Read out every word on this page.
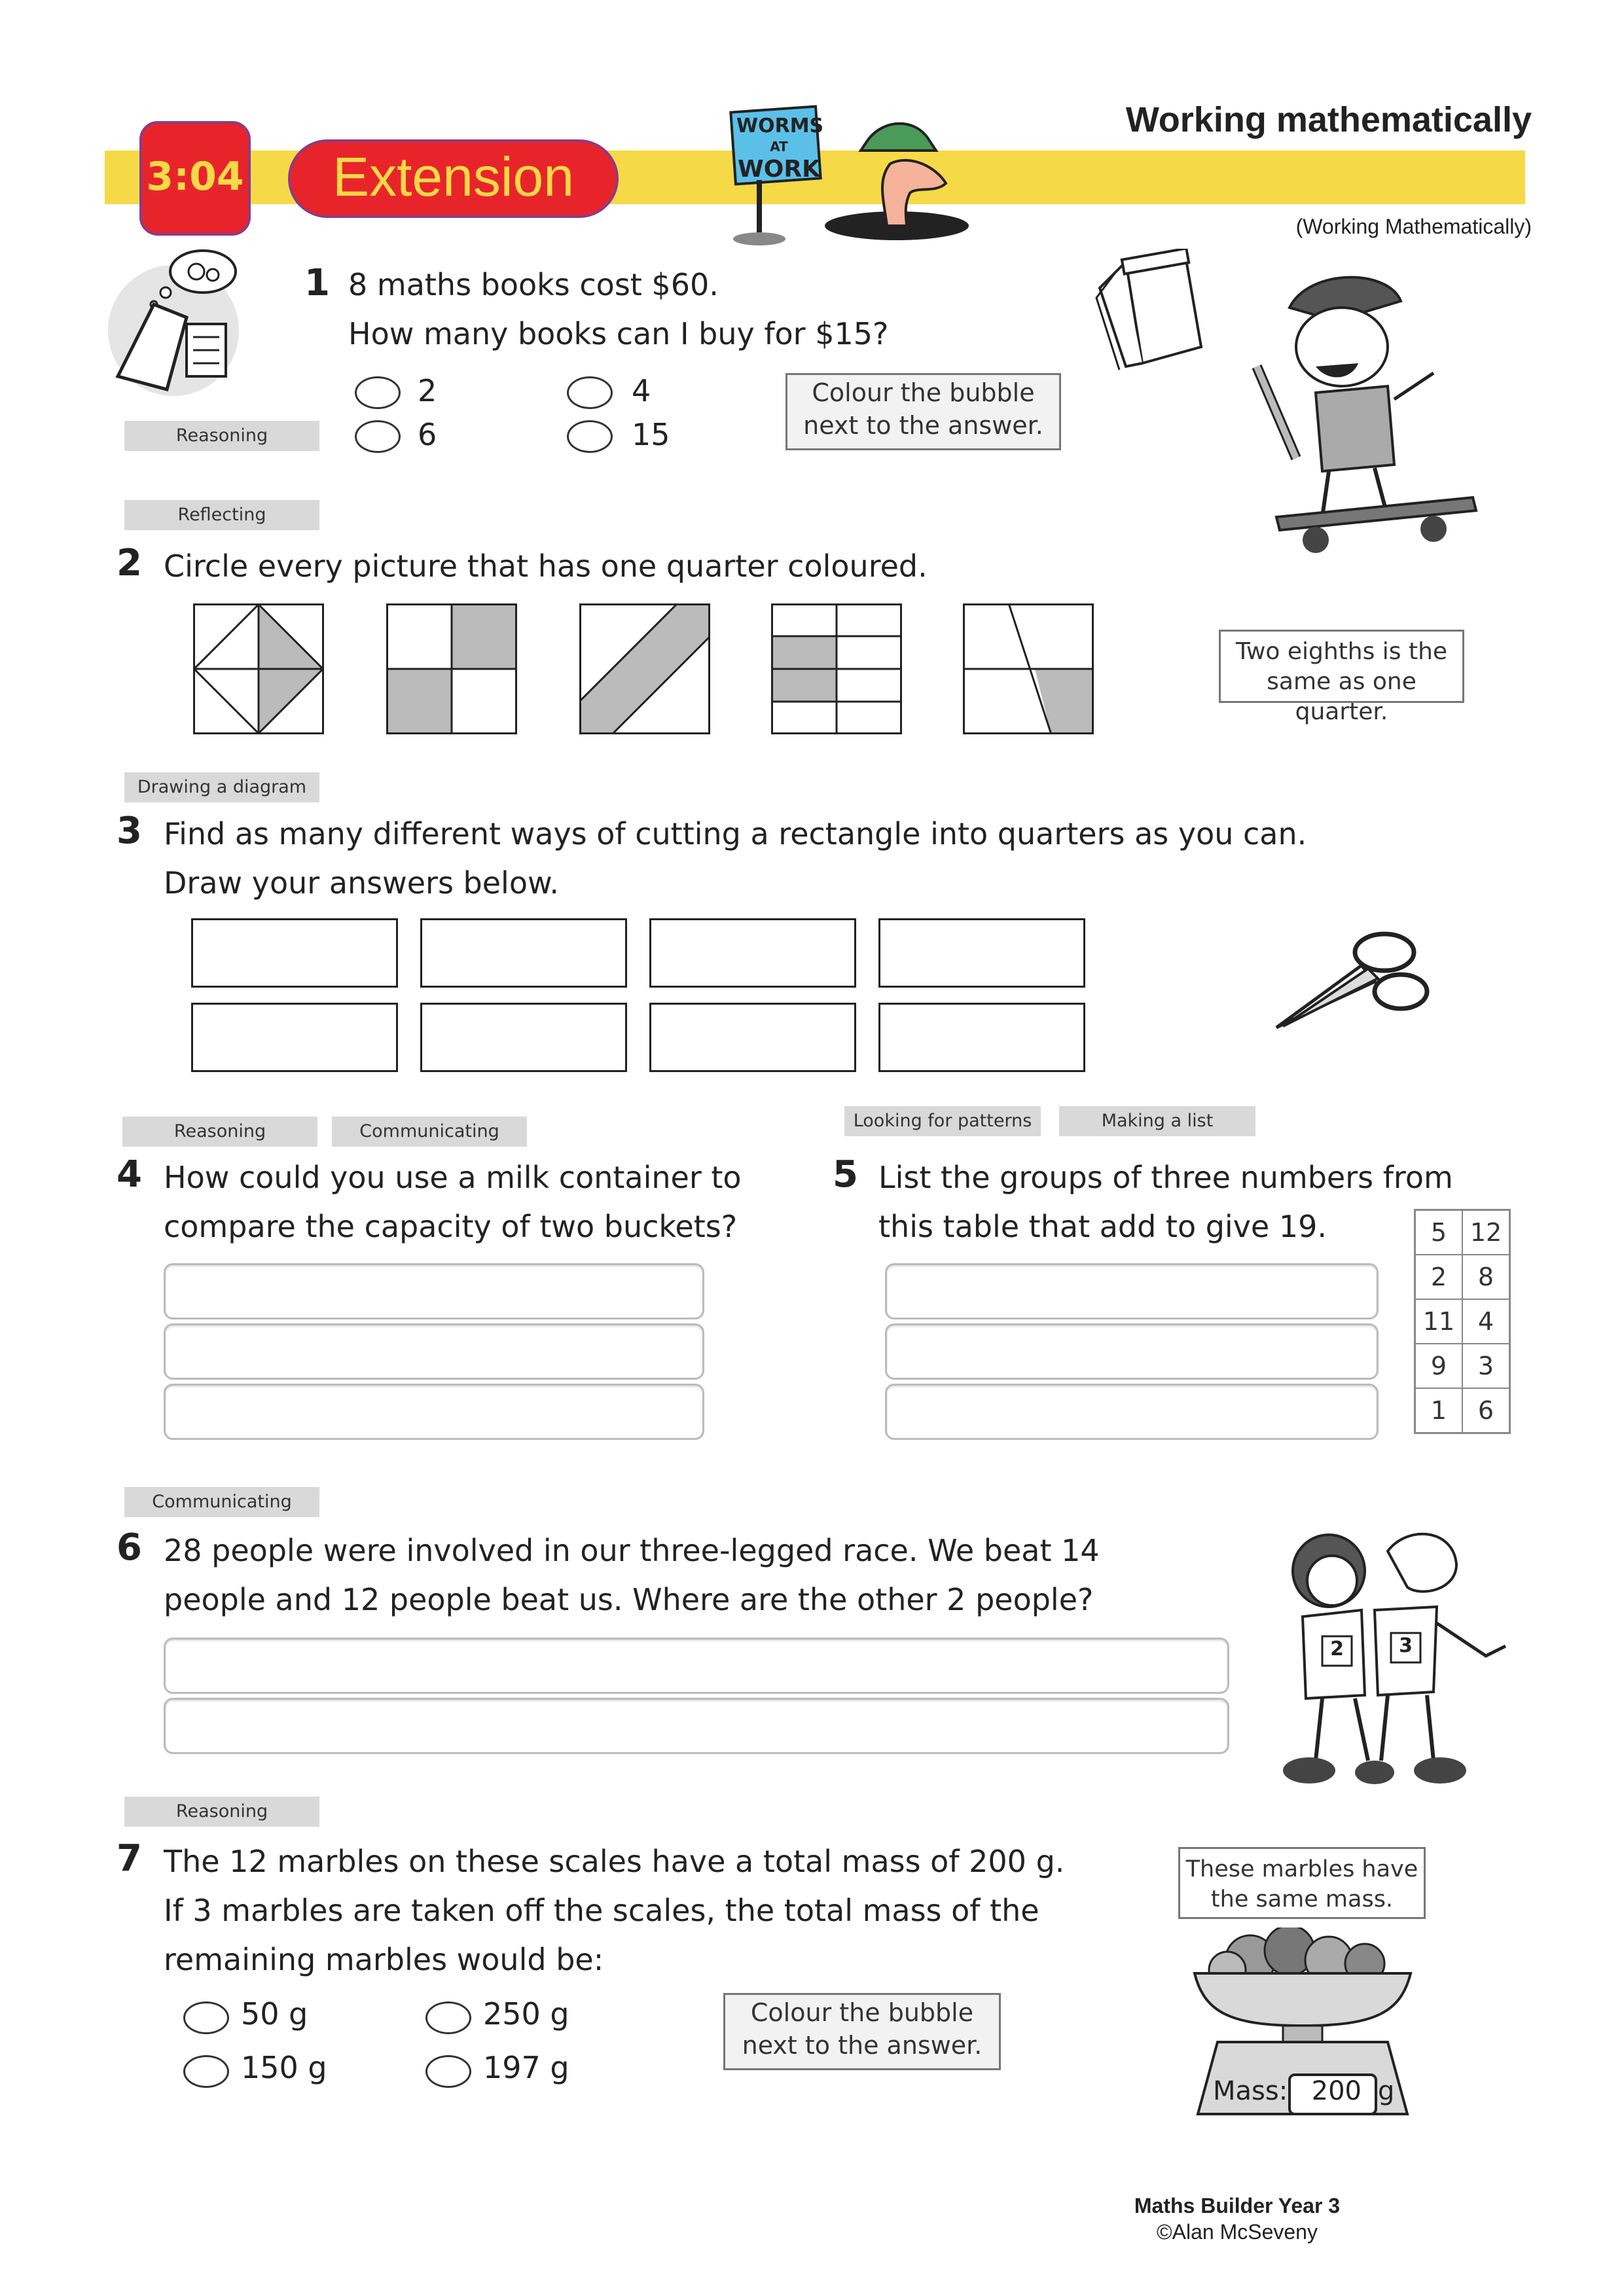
3:04	Extension
WORMS
AT
WORK
Working mathematically
(Working Mathematically)
Reasoning
1 8 maths books cost $60.
How many books can I buy for $15?
2	4
6	15
Colour the bubble
next to the answer.
Reflecting
2 Circle every picture that has one quarter coloured.
Two eighths is the
same as one quarter.
Drawing a diagram
3 Find as many different ways of cutting a rectangle into quarters as you can.
Draw your answers below.
Reasoning	Communicating
4 How could you use a milk container to
compare the capacity of two buckets?
Looking for patterns	Making a list
5 List the groups of three numbers from
this table that add to give 19.	5	12
2	8
11	4
9	3
1	6
Communicating
6 28 people were involved in our three-legged race. We beat 14
people and 12 people beat us. Where are the other 2 people?
2	3
Reasoning
7 The 12 marbles on these scales have a total mass of 200 g.
If 3 marbles are taken off the scales, the total mass of the
remaining marbles would be:
50 g	250 g
150 g	197 g
Colour the bubble
next to the answer.
These marbles have
the same mass.
Mass: 200 g
Maths Builder Year 3
©Alan McSeveny
